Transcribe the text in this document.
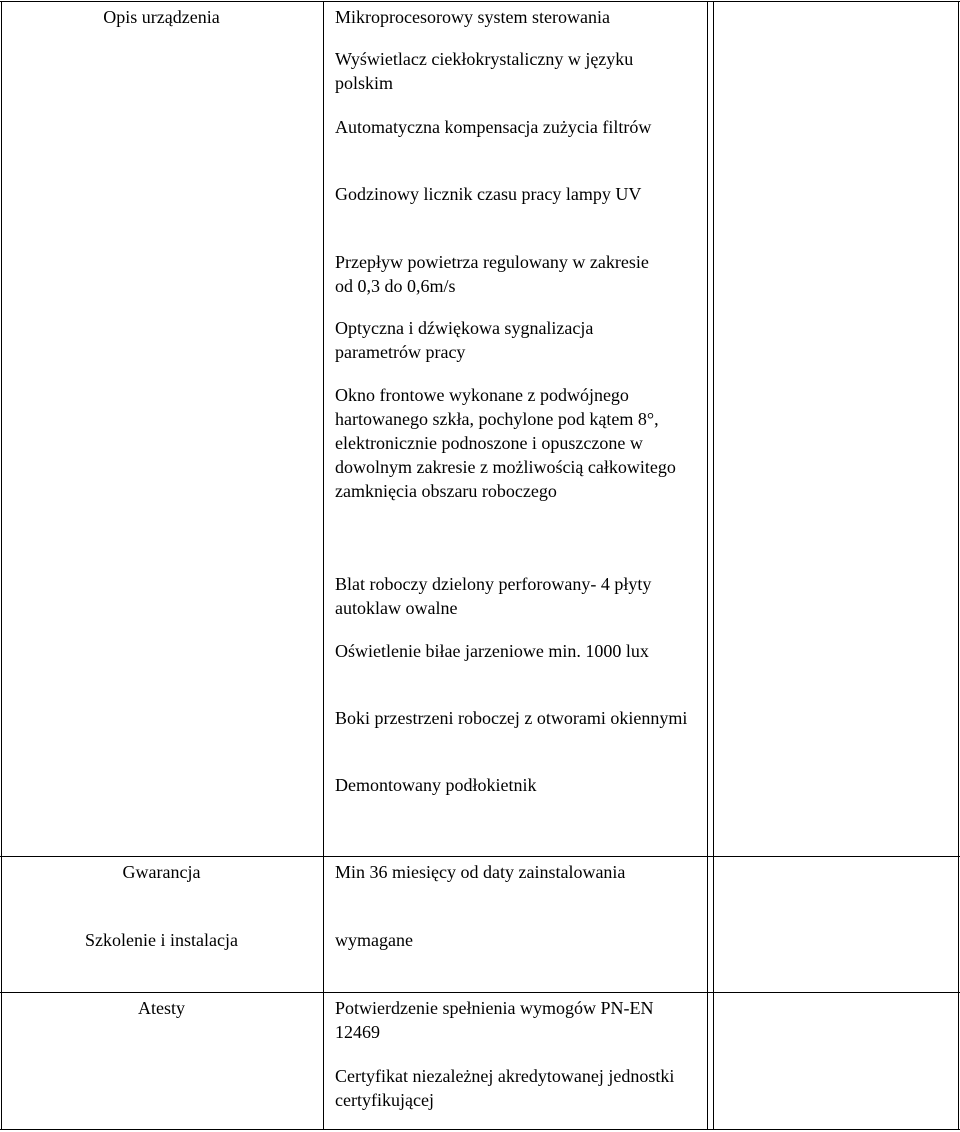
Opis urządzenia	Mikroprocesorowy system sterowania
Wyświetlacz ciekłokrystaliczny w języku polskim
Automatyczna kompensacja zużycia filtrów
Godzinowy licznik czasu pracy lampy UV
Przepływ powietrza regulowany w zakresie od 0,3 do 0,6m/s
Optyczna i dźwiękowa sygnalizacja parametrów pracy
Okno frontowe wykonane z podwójnego hartowanego szkła, pochylone pod kątem 8°, elektronicznie podnoszone i opuszczone w dowolnym zakresie z możliwością całkowitego zamknięcia obszaru roboczego
Blat roboczy dzielony perforowany- 4 płyty autoklaw owalne
Oświetlenie biłae jarzeniowe min. 1000 lux
Boki przestrzeni roboczej z otworami okiennymi
Demontowany podłokietnik
Gwarancja
Szkolenie i instalacja
Min 36 miesięcy od daty zainstalowania
wymagane
Atesty	Potwierdzenie spełnienia wymogów PN-EN 12469
Certyfikat niezależnej akredytowanej jednostki certyfikującej
